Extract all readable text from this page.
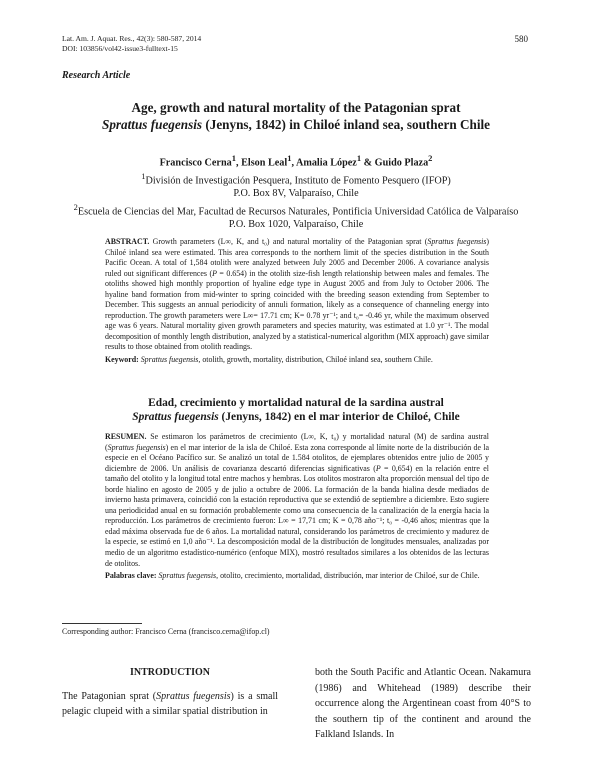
Lat. Am. J. Aquat. Res., 42(3): 580-587, 2014
DOI: 103856/vol42-issue3-fulltext-15
580
Research Article
Age, growth and natural mortality of the Patagonian sprat
Sprattus fuegensis (Jenyns, 1842) in Chiloé inland sea, southern Chile
Francisco Cerna$^1$, Elson Leal$^1$, Amalia López$^1$ & Guido Plaza$^2$
$^1$División de Investigación Pesquera, Instituto de Fomento Pesquero (IFOP)
P.O. Box 8V, Valparaíso, Chile
$^2$Escuela de Ciencias del Mar, Facultad de Recursos Naturales, Pontificia Universidad Católica de Valparaíso
P.O. Box 1020, Valparaíso, Chile

ABSTRACT. Growth parameters (L∞, K, and t₀) and natural mortality of the Patagonian sprat (Sprattus fuegensis) Chiloé inland sea were estimated. This area corresponds to the northern limit of the species distribution in the South Pacific Ocean. A total of 1,584 otolith were analyzed between July 2005 and December 2006. A covariance analysis ruled out significant differences (P = 0.654) in the otolith size-fish length relationship between males and females. The otoliths showed high monthly proportion of hyaline edge type in August 2005 and from July to October 2006. The hyaline band formation from mid-winter to spring coincided with the breeding season extending from September to December. This suggests an annual periodicity of annuli formation, likely as a consequence of channeling energy into reproduction. The growth parameters were L∞= 17.71 cm; K= 0.78 yr⁻¹; and t₀= -0.46 yr, while the maximum observed age was 6 years. Natural mortality given growth parameters and species maturity, was estimated at 1.0 yr⁻¹. The modal decomposition of monthly length distribution, analyzed by a statistical-numerical algorithm (MIX approach) gave similar results to those obtained from otolith readings.

Keyword: Sprattus fuegensis, otolith, growth, mortality, distribution, Chiloé inland sea, southern Chile.

Edad, crecimiento y mortalidad natural de la sardina austral
Sprattus fuegensis (Jenyns, 1842) en el mar interior de Chiloé, Chile

RESUMEN. Se estimaron los parámetros de crecimiento (L∞, K, t₀) y mortalidad natural (M) de sardina austral (Sprattus fuegensis) en el mar interior de la isla de Chiloé. Esta zona corresponde al límite norte de la distribución de la especie en el Océano Pacífico sur. Se analizó un total de 1.584 otolitos, de ejemplares obtenidos entre julio de 2005 y diciembre de 2006. Un análisis de covarianza descartó diferencias significativas (P = 0,654) en la relación entre el tamaño del otolito y la longitud total entre machos y hembras. Los otolitos mostraron alta proporción mensual del tipo de borde hialino en agosto de 2005 y de julio a octubre de 2006. La formación de la banda hialina desde mediados de invierno hasta primavera, coincidió con la estación reproductiva que se extendió de septiembre a diciembre. Esto sugiere una periodicidad anual en su formación probablemente como una consecuencia de la canalización de la energía hacia la reproducción. Los parámetros de crecimiento fueron: L∞ = 17,71 cm; K = 0,78 año⁻¹; t₀ = -0,46 años; mientras que la edad máxima observada fue de 6 años. La mortalidad natural, considerando los parámetros de crecimiento y madurez de la especie, se estimó en 1,0 año⁻¹. La descomposición modal de la distribución de longitudes mensuales, analizadas por medio de un algoritmo estadístico-numérico (enfoque MIX), mostró resultados similares a los obtenidos de las lecturas de otolitos.

Palabras clave: Sprattus fuegensis, otolito, crecimiento, mortalidad, distribución, mar interior de Chiloé, sur de Chile.

Corresponding author: Francisco Cerna (francisco.cerna@ifop.cl)
INTRODUCTION

The Patagonian sprat (Sprattus fuegensis) is a small pelagic clupeid with a similar spatial distribution in

both the South Pacific and Atlantic Ocean. Nakamura (1986) and Whitehead (1989) describe their occurrence along the Argentinean coast from 40°S to the southern tip of the continent and around the Falkland Islands. In
